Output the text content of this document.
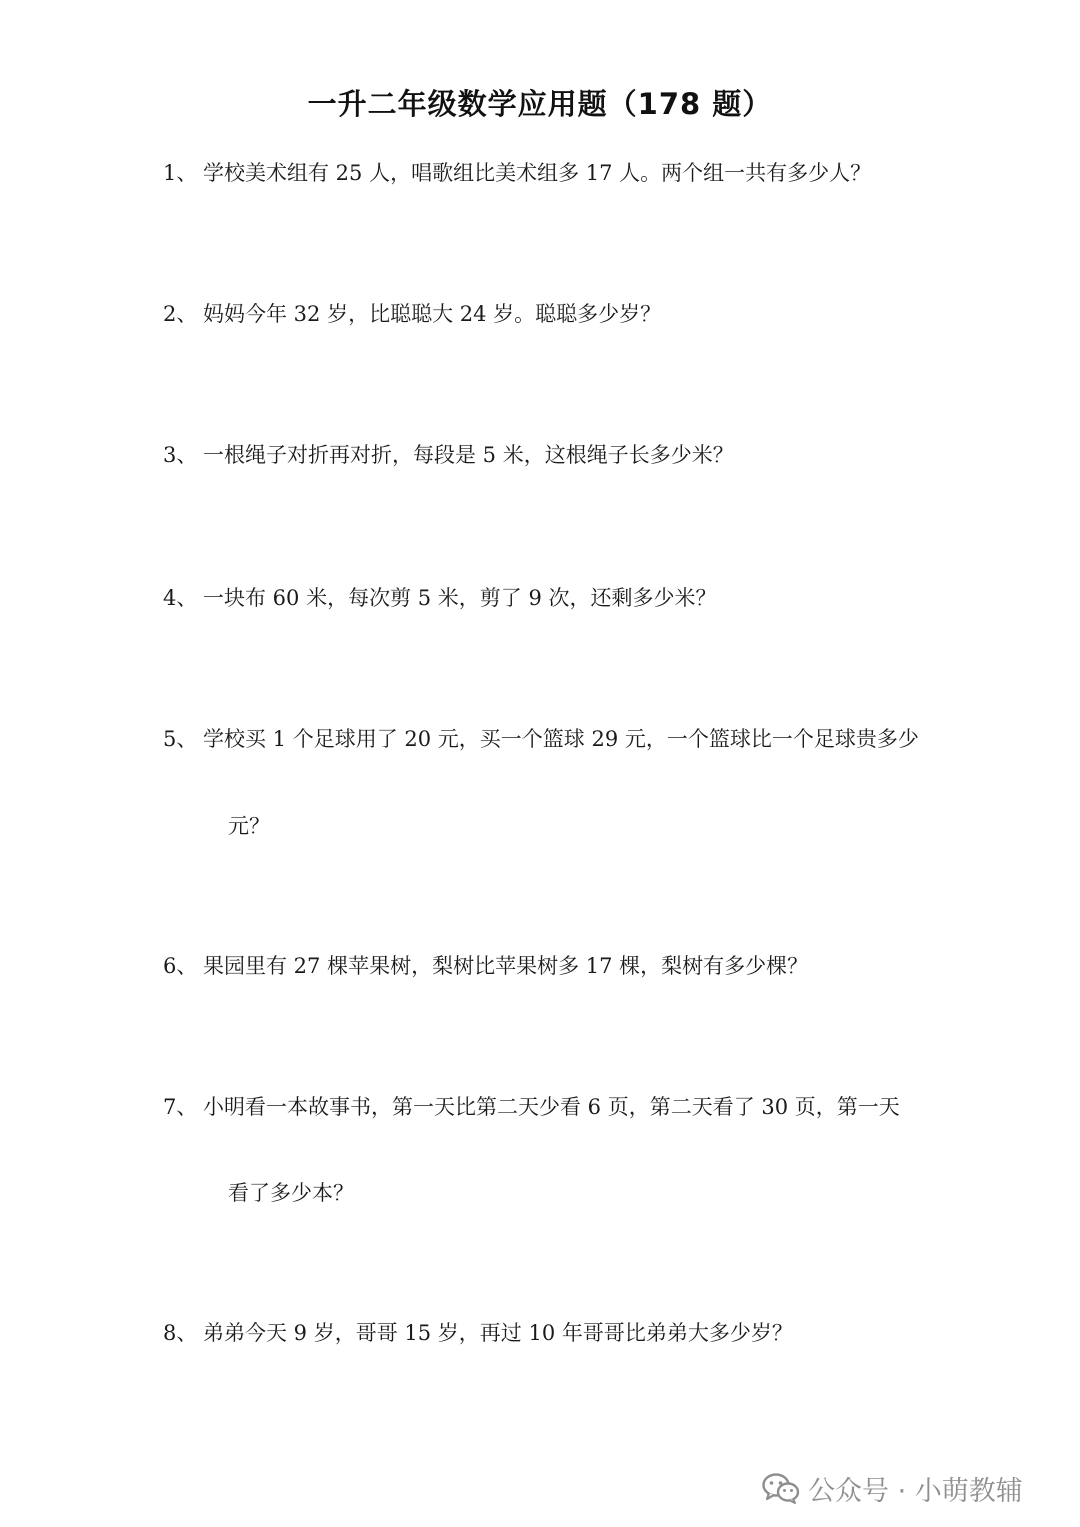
一升二年级数学应用题（178 题）
1、 学校美术组有 25 人，唱歌组比美术组多 17 人。两个组一共有多少人？
2、 妈妈今年 32 岁，比聪聪大 24 岁。聪聪多少岁？
3、 一根绳子对折再对折，每段是 5 米，这根绳子长多少米？
4、 一块布 60 米，每次剪 5 米，剪了 9 次，还剩多少米？
5、 学校买 1 个足球用了 20 元，买一个篮球 29 元，一个篮球比一个足球贵多少
元？
6、 果园里有 27 棵苹果树，梨树比苹果树多 17 棵，梨树有多少棵？
7、 小明看一本故事书，第一天比第二天少看 6 页，第二天看了 30 页，第一天
看了多少本？
8、 弟弟今天 9 岁，哥哥 15 岁，再过 10 年哥哥比弟弟大多少岁？
公众号 · 小萌教辅
